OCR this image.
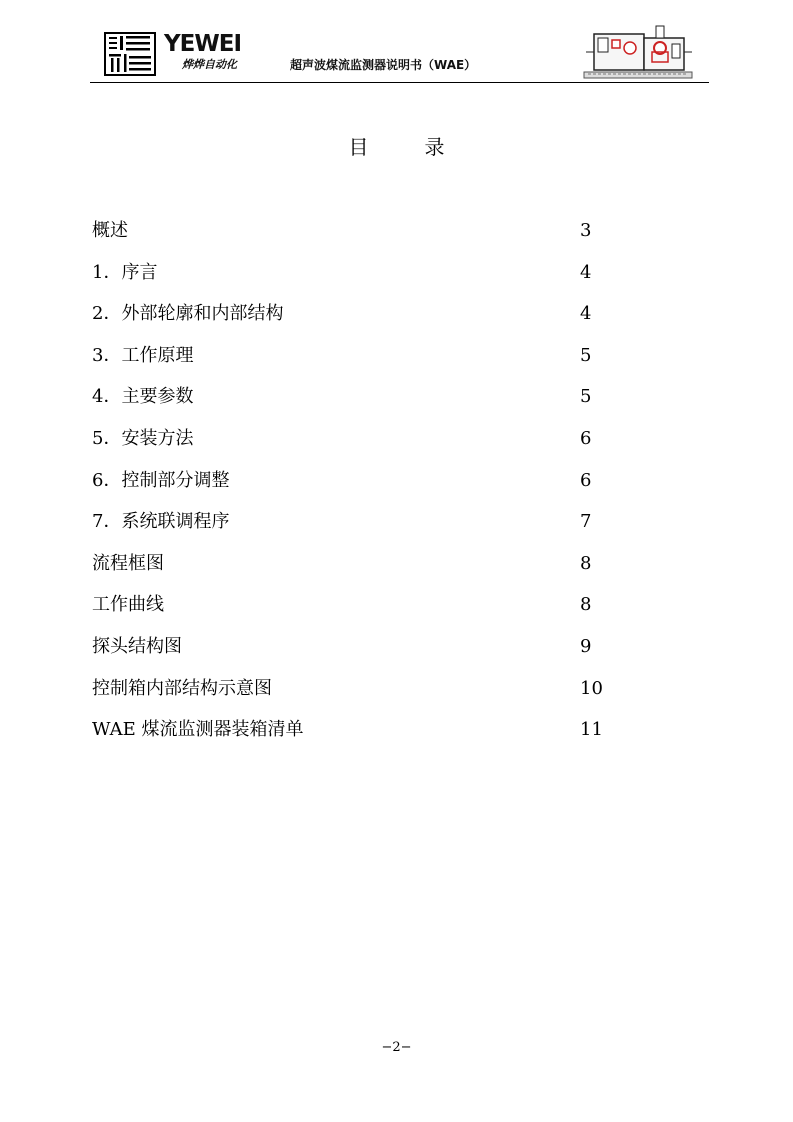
YEWEI
烨烨自动化	超声波煤流监测器说明书（WAE）
目	录
概述	3
1．序言	4
2．外部轮廓和内部结构	4
3．工作原理	5
4．主要参数	5
5．安装方法	6
6．控制部分调整	6
7．系统联调程序	7
流程框图	8
工作曲线	8
探头结构图	9
控制箱内部结构示意图	10
WAE 煤流监测器装箱清单	11
−2−
